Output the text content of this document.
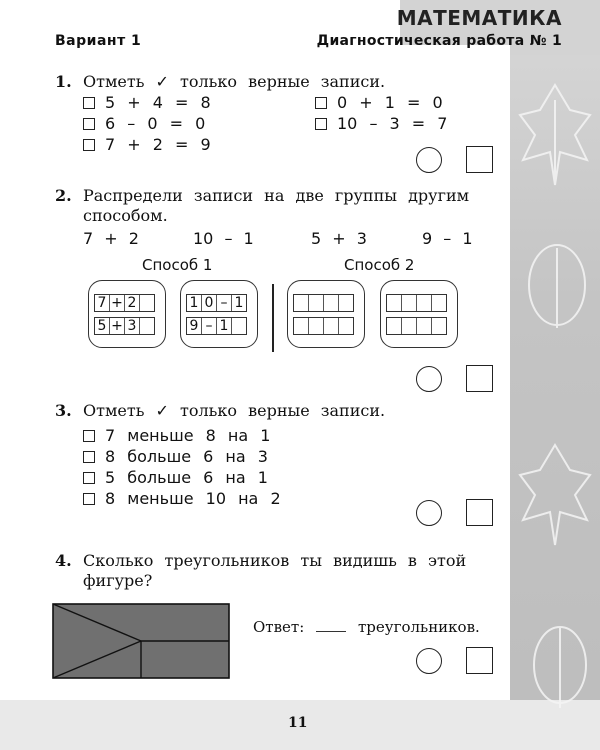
МАТЕМАТИКА
Вариант 1	Диагностическая работа № 1
1. Отметь ✓ только верные записи.
5 + 4 = 8
6 – 0 = 0
7 + 2 = 9
0 + 1 = 0
10 – 3 = 7
2. Распредели записи на две группы другим
способом.
7 + 2	10 – 1	5 + 3	9 – 1
Способ 1	Способ 2
7 + 2
5 + 3
1 0 – 1
9 – 1
3. Отметь ✓ только верные записи.
7 меньше 8 на 1
8 больше 6 на 3
5 больше 6 на 1
8 меньше 10 на 2
4. Сколько треугольников ты видишь в этой
фигуре?
Ответ:	треугольников.
11
